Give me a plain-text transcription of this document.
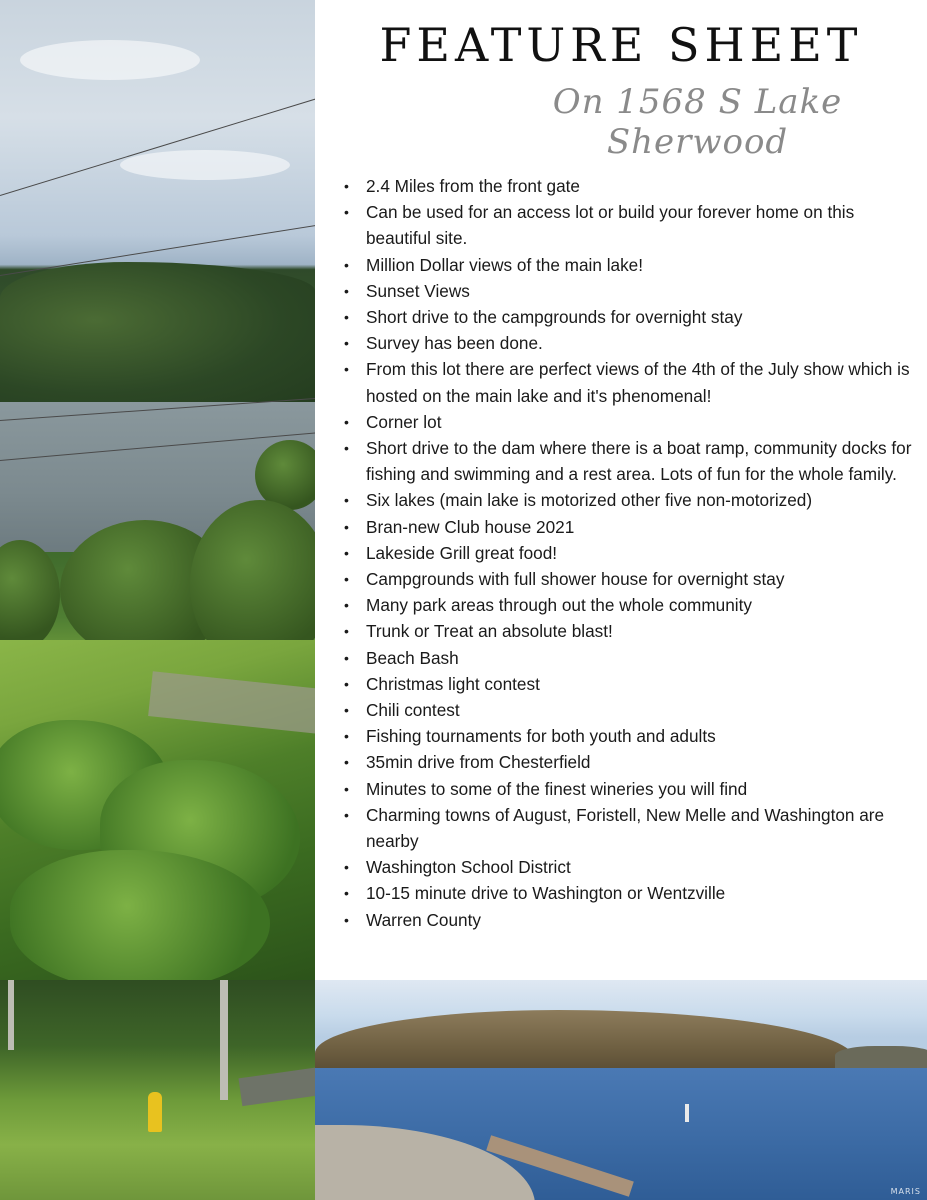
MARIS
FEATURE SHEET
On 1568 S Lake Sherwood
• 2.4 Miles from the front gate
• Can be used for an access lot or build your forever home on this beautiful site.
• Million Dollar views of the main lake!
• Sunset Views
• Short drive to the campgrounds for overnight stay
• Survey has been done.
• From this lot there are perfect views of the 4th of the July show which is hosted on the main lake and it's phenomenal!
• Corner lot
• Short drive to the dam where there is a boat ramp, community docks for fishing and swimming and a rest area. Lots of fun for the whole family.
• Six lakes (main lake is motorized other five non-motorized)
• Bran-new Club house 2021
• Lakeside Grill great food!
• Campgrounds with full shower house for overnight stay
• Many park areas through out the whole community
• Trunk or Treat an absolute blast!
• Beach Bash
• Christmas light contest
• Chili contest
• Fishing tournaments for both youth and adults
• 35min drive from Chesterfield
• Minutes to some of the finest wineries you will find
• Charming towns of August, Foristell, New Melle and Washington are nearby
• Washington School District
• 10-15 minute drive to Washington or Wentzville
• Warren County
